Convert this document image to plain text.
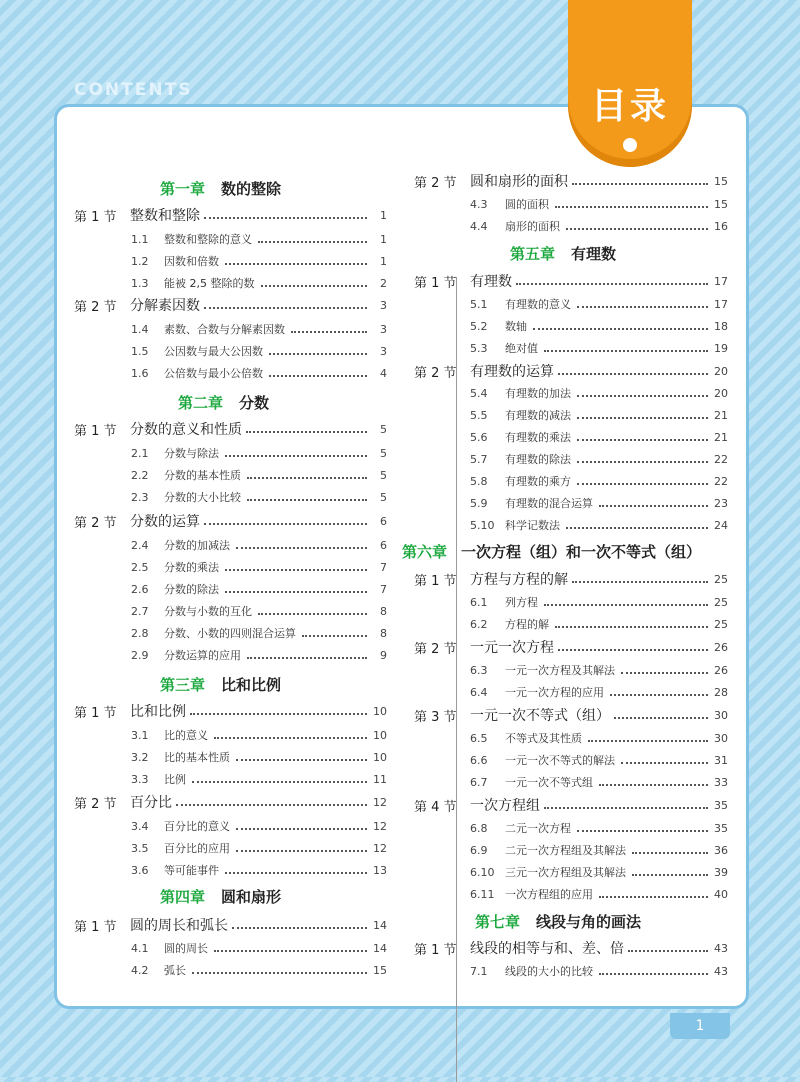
CONTENTS
第一章 数的整除
第 1 节 整数和整除	1
1.1	整数和整除的意义	1
1.2	因数和倍数	1
1.3	能被 2,5 整除的数	2
第 2 节 分解素因数	3
1.4	素数、合数与分解素因数	3
1.5	公因数与最大公因数	3
1.6	公倍数与最小公倍数	4
第二章 分数
第 1 节 分数的意义和性质	5
2.1	分数与除法	5
2.2	分数的基本性质	5
2.3	分数的大小比较	5
第 2 节 分数的运算	6
2.4	分数的加减法	6
2.5	分数的乘法	7
2.6	分数的除法	7
2.7	分数与小数的互化	8
2.8	分数、小数的四则混合运算	8
2.9	分数运算的应用	9
第三章 比和比例
第 1 节 比和比例	10
3.1	比的意义	10
3.2	比的基本性质	10
3.3	比例	11
第 2 节 百分比	12
3.4	百分比的意义	12
3.5	百分比的应用	12
3.6	等可能事件	13
第四章 圆和扇形
第 1 节 圆的周长和弧长	14
4.1	圆的周长	14
4.2	弧长	15
第 2 节 圆和扇形的面积	15
4.3	圆的面积	15
4.4	扇形的面积	16
第五章 有理数
第 1 节 有理数	17
5.1	有理数的意义	17
5.2	数轴	18
5.3	绝对值	19
第 2 节 有理数的运算	20
5.4	有理数的加法	20
5.5	有理数的减法	21
5.6	有理数的乘法	21
5.7	有理数的除法	22
5.8	有理数的乘方	22
5.9	有理数的混合运算	23
5.10 科学记数法	24
第六章 一次方程（组）和一次不等式（组）
第 1 节 方程与方程的解	25
6.1	列方程	25
6.2	方程的解	25
第 2 节 一元一次方程	26
6.3	一元一次方程及其解法	26
6.4	一元一次方程的应用	28
第 3 节 一元一次不等式（组）	30
6.5	不等式及其性质	30
6.6	一元一次不等式的解法	31
6.7	一元一次不等式组	33
第 4 节 一次方程组	35
6.8	二元一次方程	35
6.9	二元一次方程组及其解法	36
6.10 三元一次方程组及其解法	39
6.11 一次方程组的应用	40
第七章 线段与角的画法
第 1 节 线段的相等与和、差、倍	43
7.1	线段的大小的比较	43
目录
1
